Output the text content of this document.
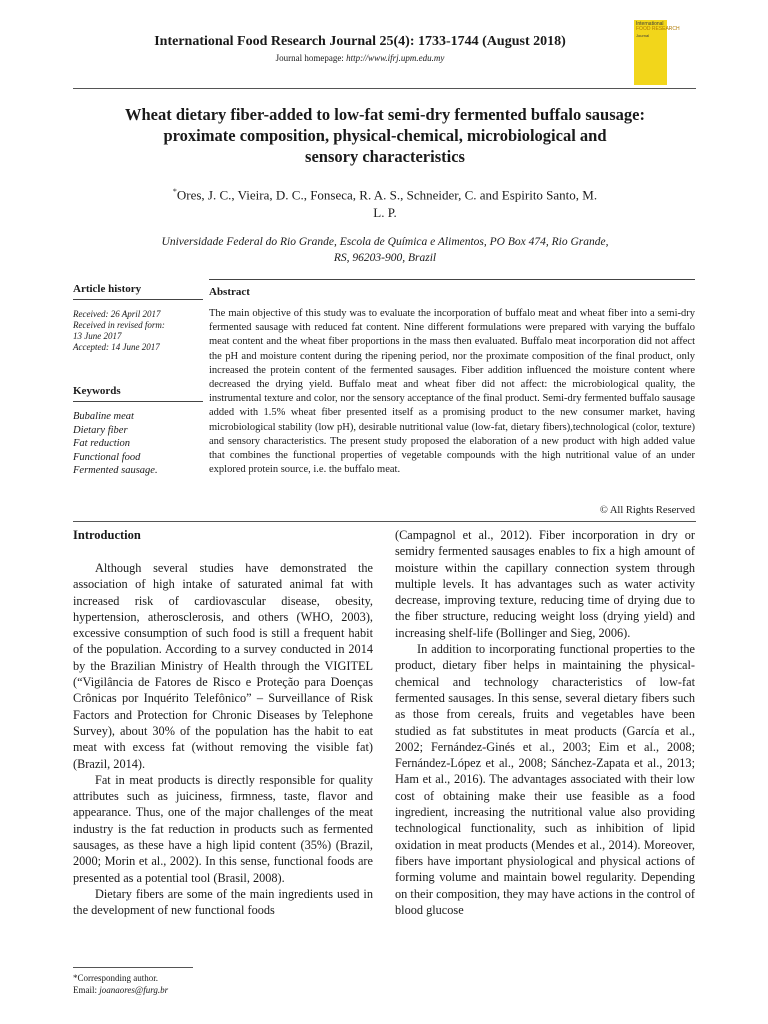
International Food Research Journal 25(4): 1733-1744 (August 2018)
Journal homepage: http://www.ifrj.upm.edu.my
International
FOOD RESEARCH
Journal
Wheat dietary fiber-added to low-fat semi-dry fermented buffalo sausage:
proximate composition, physical-chemical, microbiological and
sensory characteristics
*Ores, J. C., Vieira, D. C., Fonseca, R. A. S., Schneider, C. and Espirito Santo, M.
L. P.
Universidade Federal do Rio Grande, Escola de Química e Alimentos, PO Box 474, Rio Grande,
RS, 96203-900, Brazil
Article history
Received: 26 April 2017
Received in revised form:
13 June 2017
Accepted: 14 June 2017
Keywords
Bubaline meat
Dietary fiber
Fat reduction
Functional food
Fermented sausage.
Abstract
The main objective of this study was to evaluate the incorporation of buffalo meat and wheat fiber into a semi-dry fermented sausage with reduced fat content. Nine different formulations were prepared with varying the buffalo meat content and the wheat fiber proportions in the mass then evaluated. Buffalo meat incorporation did not affect the pH and moisture content during the ripening period, nor the proximate composition of the final product, only increased the protein content of the fermented sausages. Fiber addition influenced the moisture content where decreased the drying yield. Buffalo meat and wheat fiber did not affect: the microbiological quality, the instrumental texture and color, nor the sensory acceptance of the final product. Semi-dry fermented buffalo sausage added with 1.5% wheat fiber presented itself as a promising product to the new consumer market, having microbiological stability (low pH), desirable nutritional value (low-fat, dietary fibers),technological (color, texture) and sensory characteristics. The present study proposed the elaboration of a new product with high added value that combines the functional properties of vegetable compounds with the high nutritional value of an under explored protein source, i.e. the buffalo meat.
© All Rights Reserved
Introduction

Although several studies have demonstrated the association of high intake of saturated animal fat with increased risk of cardiovascular disease, obesity, hypertension, atherosclerosis, and others (WHO, 2003), excessive consumption of such food is still a frequent habit of the population. According to a survey conducted in 2014 by the Brazilian Ministry of Health through the VIGITEL (“Vigilância de Fatores de Risco e Proteção para Doenças Crônicas por Inquérito Telefônico” – Surveillance of Risk Factors and Protection for Chronic Diseases by Telephone Survey), about 30% of the population has the habit to eat meat with excess fat (without removing the visible fat) (Brazil, 2014).

Fat in meat products is directly responsible for quality attributes such as juiciness, firmness, taste, flavor and appearance. Thus, one of the major challenges of the meat industry is the fat reduction in products such as fermented sausages, as these have a high lipid content (35%) (Brazil, 2000; Morin et al., 2002). In this sense, functional foods are presented as a potential tool (Brasil, 2008).

Dietary fibers are some of the main ingredients used in the development of new functional foods

(Campagnol et al., 2012). Fiber incorporation in dry or semidry fermented sausages enables to fix a high amount of moisture within the capillary connection system through multiple levels. It has advantages such as water activity decrease, improving texture, reducing time of drying due to the fiber structure, reducing weight loss (drying yield) and increasing shelf-life (Bollinger and Sieg, 2006).

In addition to incorporating functional properties to the product, dietary fiber helps in maintaining the physical-chemical and technology characteristics of low-fat fermented sausages. In this sense, several dietary fibers such as those from cereals, fruits and vegetables have been studied as fat substitutes in meat products (García et al., 2002; Fernández-Ginés et al., 2003; Eim et al., 2008; Fernández-López et al., 2008; Sánchez-Zapata et al., 2013; Ham et al., 2016). The advantages associated with their low cost of obtaining make their use feasible as a food ingredient, increasing the nutritional value also providing technological functionality, such as inhibition of lipid oxidation in meat products (Mendes et al., 2014). Moreover, fibers have important physiological and physical actions of forming volume and maintain bowel regularity. Depending on their composition, they may have actions in the control of blood glucose

*Corresponding author.
Email: joanaores@furg.br
